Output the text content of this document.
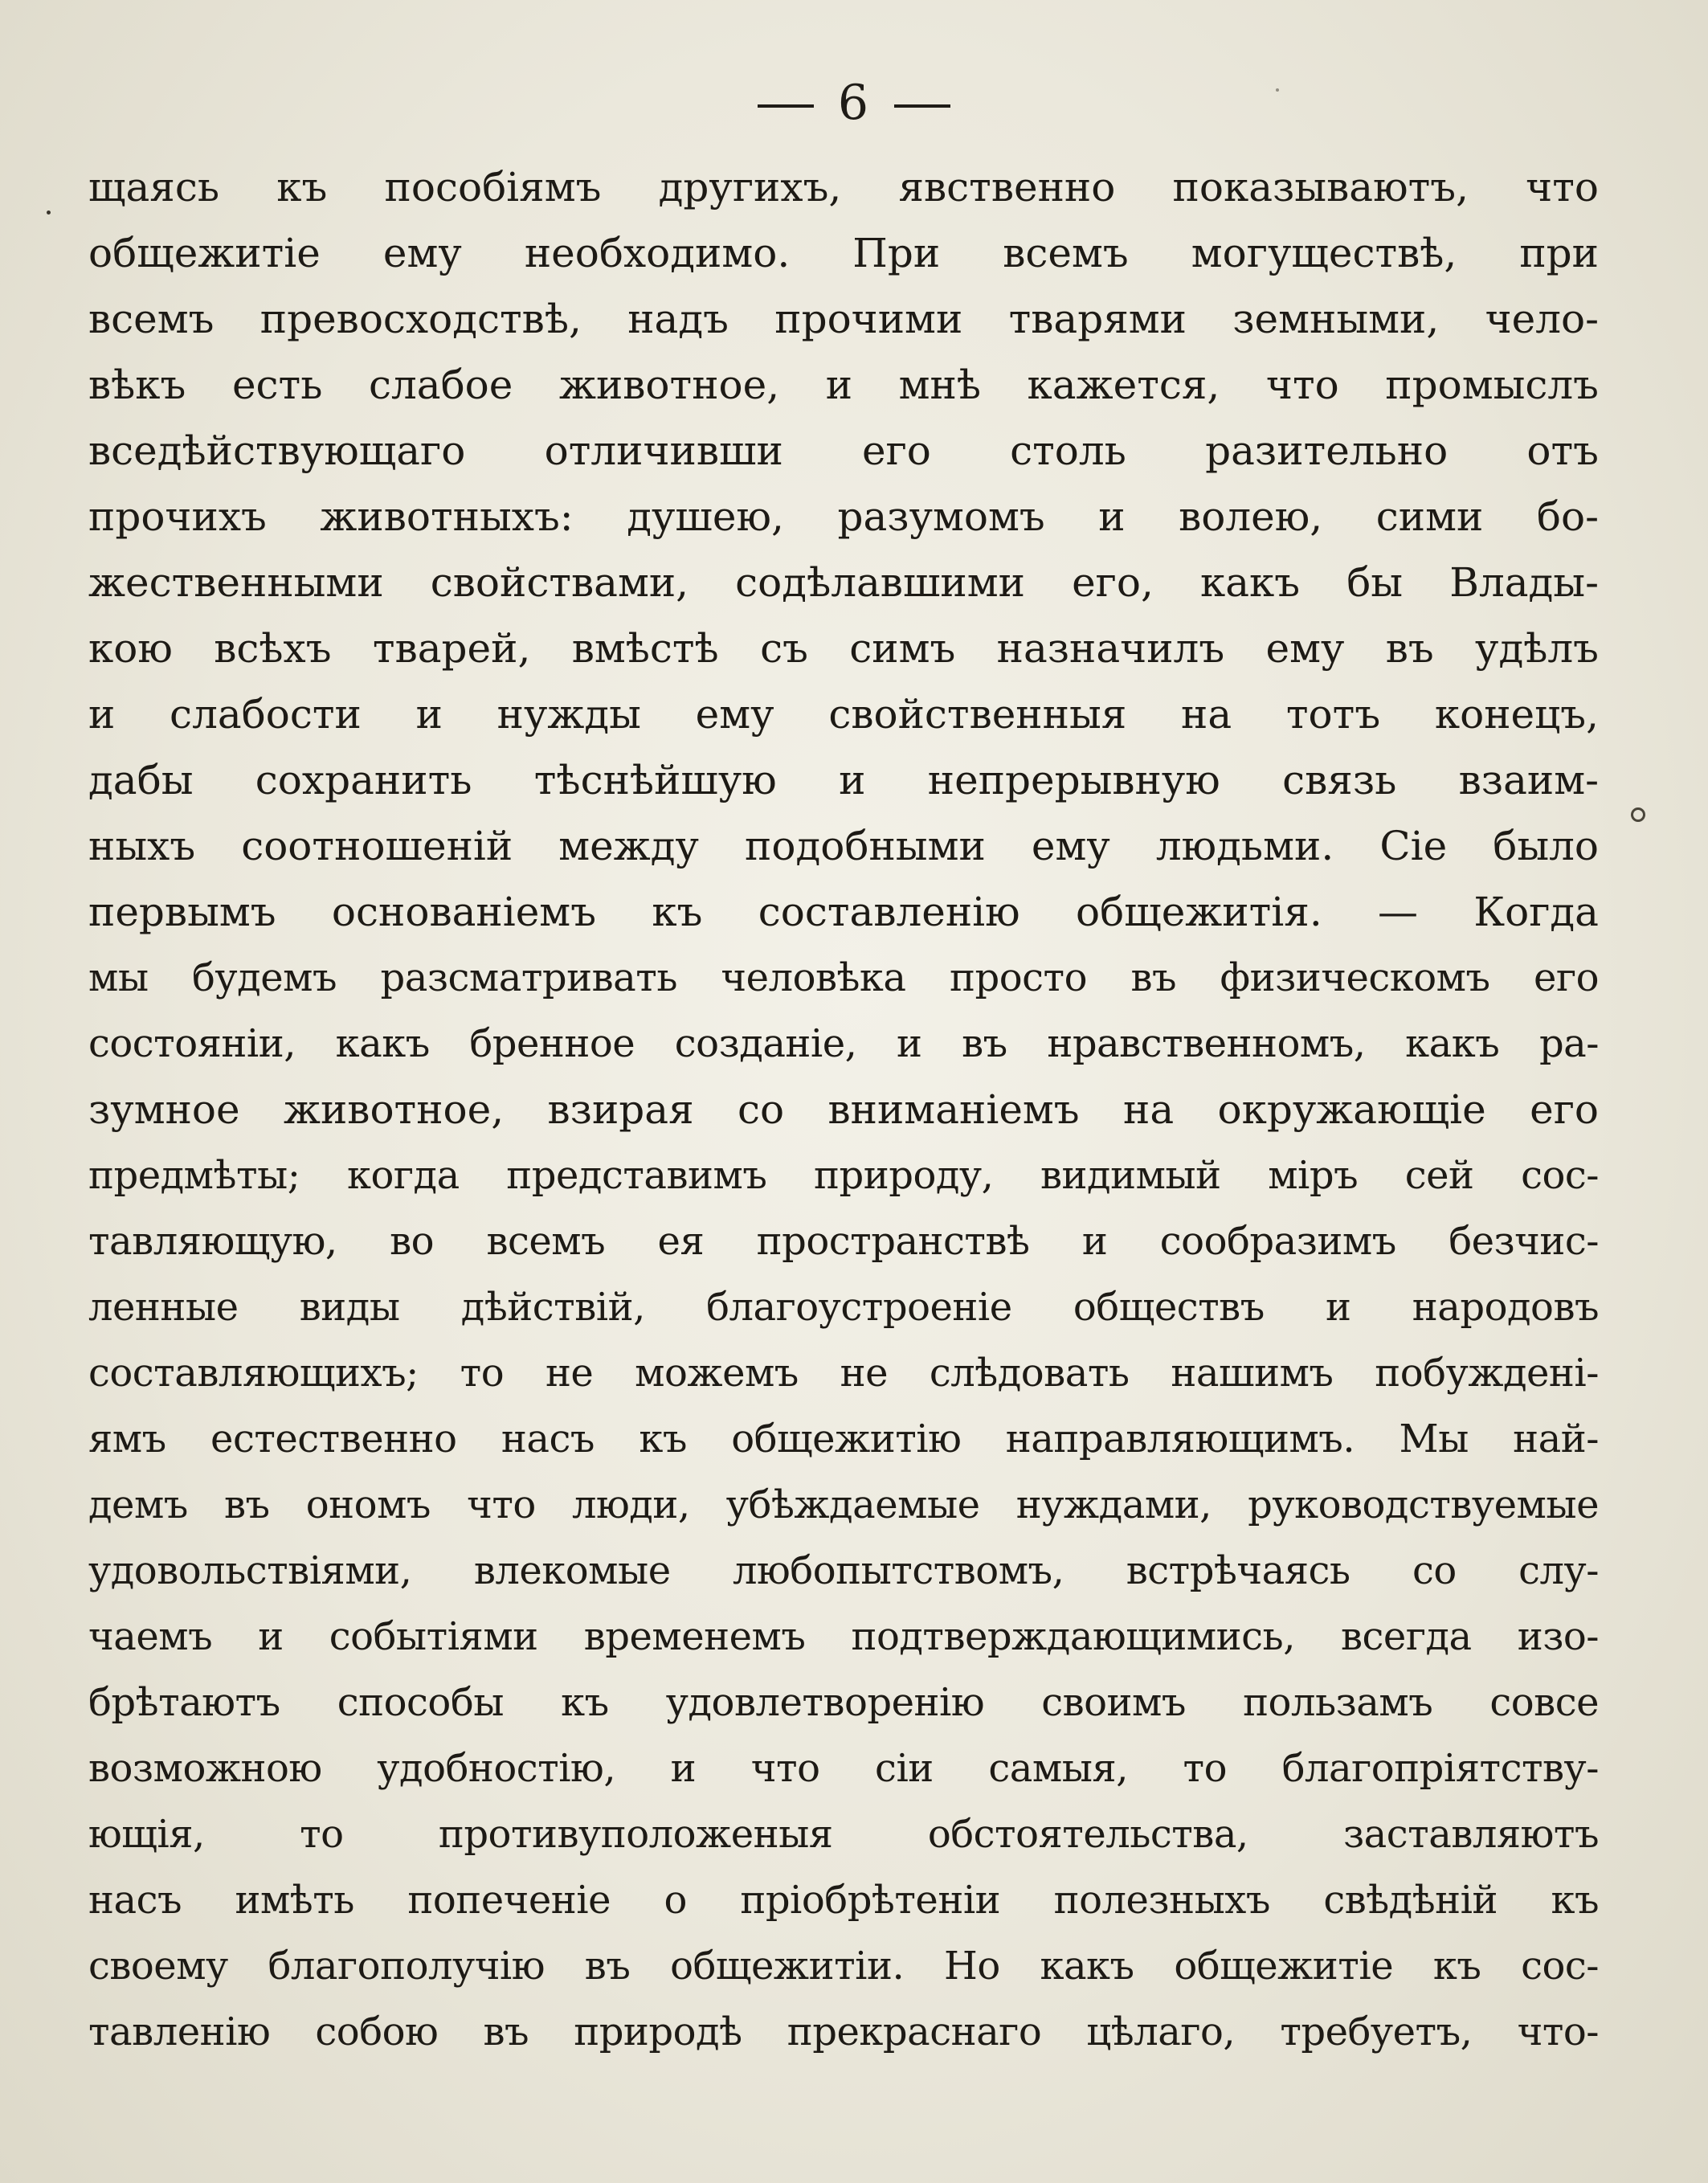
6
щаясь къ пособіямъ другихъ, явственно показываютъ, что
общежитіе ему необходимо. При всемъ могуществѣ, при
всемъ превосходствѣ, надъ прочими тварями земными, чело-
вѣкъ есть слабое животное, и мнѣ кажется, что промыслъ
вседѣйствующаго отличивши его столь разительно отъ
прочихъ животныхъ: душею, разумомъ и волею, сими бо-
жественными свойствами, содѣлавшими его, какъ бы Влады-
кою всѣхъ тварей, вмѣстѣ съ симъ назначилъ ему въ удѣлъ
и слабости и нужды ему свойственныя на тотъ конецъ,
дабы сохранить тѣснѣйшую и непрерывную связь взаим-
ныхъ соотношеній между подобными ему людьми. Сіе было
первымъ основаніемъ къ составленію общежитія. — Когда
мы будемъ разсматривать человѣка просто въ физическомъ его
состояніи, какъ бренное созданіе, и въ нравственномъ, какъ ра-
зумное животное, взирая со вниманіемъ на окружающіе его
предмѣты; когда представимъ природу, видимый міръ сей сос-
тавляющую, во всемъ ея пространствѣ и сообразимъ безчис-
ленные виды дѣйствій, благоустроеніе обществъ и народовъ
составляющихъ; то не можемъ не слѣдовать нашимъ побужденi-
ямъ естественно насъ къ общежитію направляющимъ. Мы най-
демъ въ ономъ что люди, убѣждаемые нуждами, руководствуемые
удовольствіями, влекомые любопытствомъ, встрѣчаясь со слу-
чаемъ и событіями временемъ подтверждающимись, всегда изо-
брѣтаютъ способы къ удовлетворенію своимъ пользамъ совсе
возможною удобностію, и что сіи самыя, то благопріятству-
ющія, то противуположеныя обстоятельства, заставляютъ
насъ имѣть попеченіе о пріобрѣтеніи полезныхъ свѣдѣній къ
своему благополучію въ общежитіи. Но какъ общежитіе къ сос-
тавленію собою въ природѣ прекраснаго цѣлаго, требуетъ, что-
